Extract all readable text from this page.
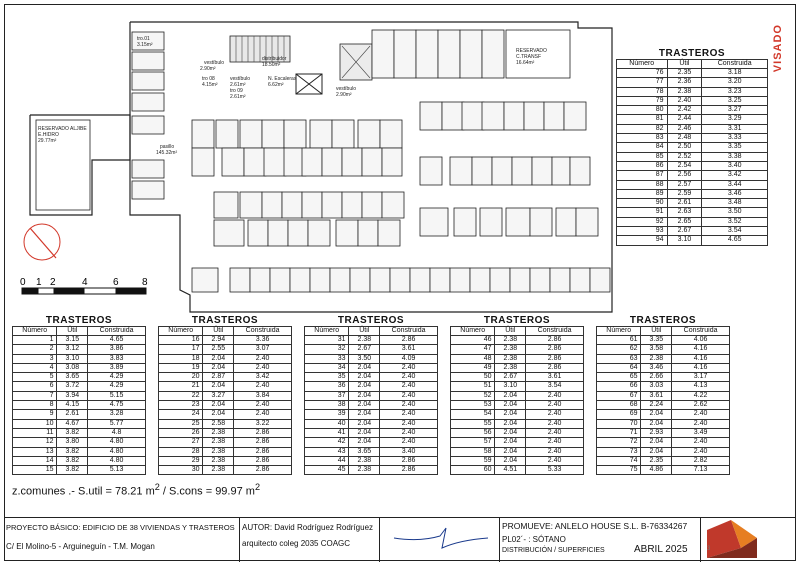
0 1 2	4	6 8
tro.01
3.15m²
vestíbulo
2.90m²
distribuidor
18.50m²
N. Escaleras
6.62m²
vestíbulo
2.90m²
vestíbulo
2.61m²
RESERVADO
C.TRANSF
16.64m²
RESERVADO ALJIBE
E.HIDRO
29.77m²
pasillo
145.32m²
tro 08
4.15m²
tro 09
2.61m²
VISADO
TRASTEROS
Número	Útil	Construida
76	2.35	3.18
77	2.36	3.20
78	2.38	3.23
79	2.40	3.25
80	2.42	3.27
81	2.44	3.29
82	2.46	3.31
83	2.48	3.33
84	2.50	3.35
85	2.52	3.38
86	2.54	3.40
87	2.56	3.42
88	2.57	3.44
89	2.59	3.46
90	2.61	3.48
91	2.63	3.50
92	2.65	3.52
93	2.67	3.54
94	3.10	4.65
TRASTEROS
Número	Útil	Construida
1	3.15	4.65
2	3.12	3.86
3	3.10	3.83
4	3.08	3.89
5	3.65	4.29
6	3.72	4.29
7	3.94	5.15
8	4.15	4.75
9	2.61	3.28
10	4.67	5.77
11	3.82	4.8
12	3.80	4.80
13	3.82	4.80
14	3.82	4.80
15	3.82	5.13
TRASTEROS
Número	Útil	Construida
16	2.94	3.36
17	2.55	3.07
18	2.04	2.40
19	2.04	2.40
20	2.87	3.42
21	2.04	2.40
22	3.27	3.84
23	2.04	2.40
24	2.04	2.40
25	2.58	3.22
26	2.38	2.86
27	2.38	2.86
28	2.38	2.86
29	2.38	2.86
30	2.38	2.86
TRASTEROS
Número	Útil	Construida
31	2.38	2.86
32	2.67	3.61
33	3.50	4.09
34	2.04	2.40
35	2.04	2.40
36	2.04	2.40
37	2.04	2.40
38	2.04	2.40
39	2.04	2.40
40	2.04	2.40
41	2.04	2.40
42	2.04	2.40
43	3.65	3.40
44	2.38	2.86
45	2.38	2.86
TRASTEROS
Número	Útil	Construida
46	2.38	2.86
47	2.38	2.86
48	2.38	2.86
49	2.38	2.86
50	2.67	3.61
51	3.10	3.54
52	2.04	2.40
53	2.04	2.40
54	2.04	2.40
55	2.04	2.40
56	2.04	2.40
57	2.04	2.40
58	2.04	2.40
59	2.04	2.40
60	4.51	5.33
TRASTEROS
Número	Útil	Construida
61	3.35	4.06
62	3.58	4.16
63	2.38	4.16
64	3.46	4.16
65	2.66	3.17
66	3.03	4.13
67	3.61	4.22
68	2.24	2.62
69	2.04	2.40
70	2.04	2.40
71	2.93	3.49
72	2.04	2.40
73	2.04	2.40
74	2.35	2.82
75	4.86	7.13
z.comunes .- S.util = 78.21 $m^2$ / S.cons = 99.97 $m^2$
PROYECTO BÁSICO: EDIFICIO DE 38 VIVIENDAS Y TRASTEROS
C/ El Molino-5 - Arguineguín - T.M. Mogan
AUTOR: David Rodríguez Rodríguez
arquitecto coleg 2035 COAGC
PROMUEVE: ANLELO HOUSE S.L. B-76334267
PL02´- : SÓTANO
DISTRIBUCIÓN / SUPERFICIES	ABRIL 2025	3
